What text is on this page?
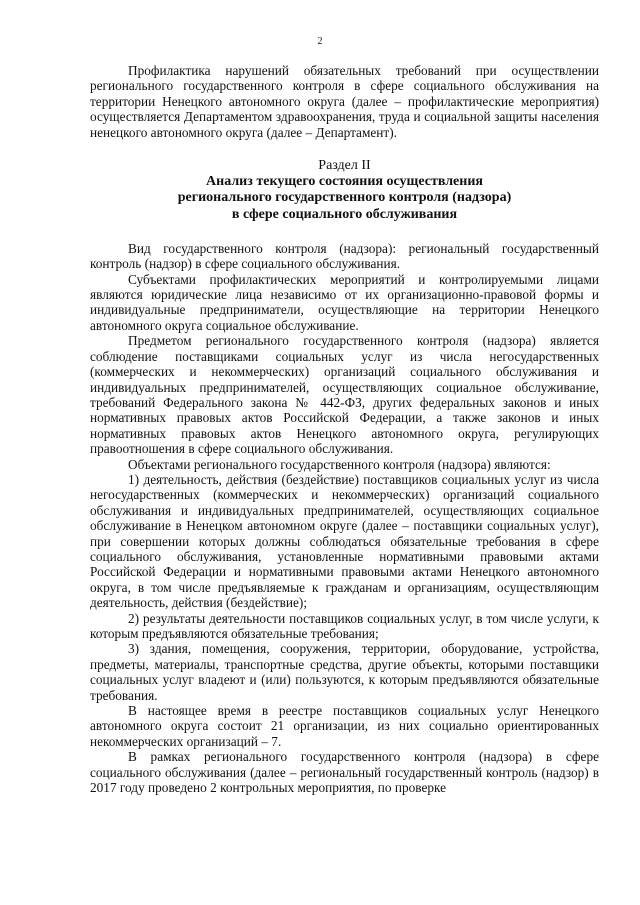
2

Профилактика нарушений обязательных требований при осуществлении регионального государственного контроля в сфере социального обслуживания на территории Ненецкого автономного округа (далее – профилактические мероприятия) осуществляется Департаментом здравоохранения, труда и социальной защиты населения ненецкого автономного округа (далее – Департамент).

Раздел II
Анализ текущего состояния осуществления
регионального государственного контроля (надзора)
в сфере социального обслуживания

Вид государственного контроля (надзора): региональный государственный контроль (надзор) в сфере социального обслуживания.

Субъектами профилактических мероприятий и контролируемыми лицами являются юридические лица независимо от их организационно-правовой формы и индивидуальные предприниматели, осуществляющие на территории Ненецкого автономного округа социальное обслуживание.

Предметом регионального государственного контроля (надзора) является соблюдение поставщиками социальных услуг из числа негосударственных (коммерческих и некоммерческих) организаций социального обслуживания и индивидуальных предпринимателей, осуществляющих социальное обслуживание, требований Федерального закона № 442-ФЗ, других федеральных законов и иных нормативных правовых актов Российской Федерации, а также законов и иных нормативных правовых актов Ненецкого автономного округа, регулирующих правоотношения в сфере социального обслуживания.

Объектами регионального государственного контроля (надзора) являются:

1) деятельность, действия (бездействие) поставщиков социальных услуг из числа негосударственных (коммерческих и некоммерческих) организаций социального обслуживания и индивидуальных предпринимателей, осуществляющих социальное обслуживание в Ненецком автономном округе (далее – поставщики социальных услуг), при совершении которых должны соблюдаться обязательные требования в сфере социального обслуживания, установленные нормативными правовыми актами Российской Федерации и нормативными правовыми актами Ненецкого автономного округа, в том числе предъявляемые к гражданам и организациям, осуществляющим деятельность, действия (бездействие);

2) результаты деятельности поставщиков социальных услуг, в том числе услуги, к которым предъявляются обязательные требования;

3) здания, помещения, сооружения, территории, оборудование, устройства, предметы, материалы, транспортные средства, другие объекты, которыми поставщики социальных услуг владеют и (или) пользуются, к которым предъявляются обязательные требования.

В настоящее время в реестре поставщиков социальных услуг Ненецкого автономного округа состоит 21 организации, из них социально ориентированных некоммерческих организаций – 7.

В рамках регионального государственного контроля (надзора) в сфере социального обслуживания (далее – региональный государственный контроль (надзор) в 2017 году проведено 2 контрольных мероприятия, по проверке
